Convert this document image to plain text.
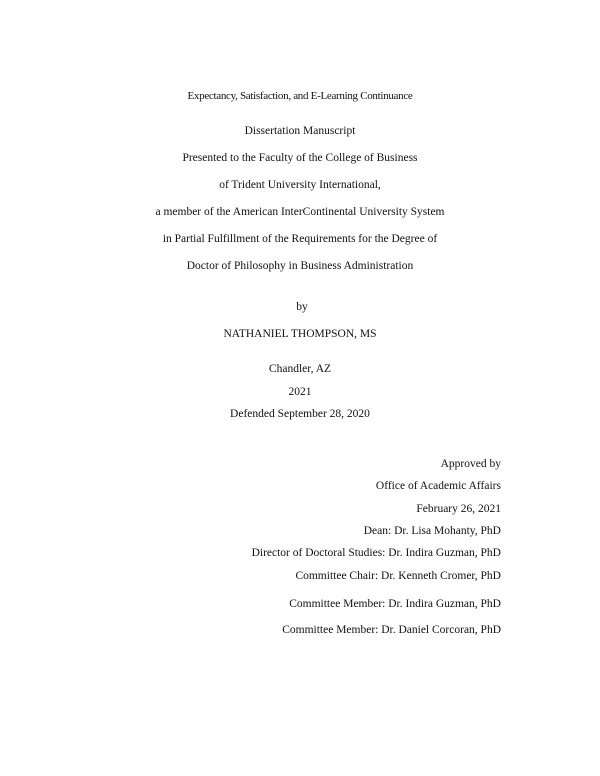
Expectancy, Satisfaction, and E-Learning Continuance
Dissertation Manuscript
Presented to the Faculty of the College of Business
of Trident University International,
a member of the American InterContinental University System
in Partial Fulfillment of the Requirements for the Degree of
Doctor of Philosophy in Business Administration
by
NATHANIEL THOMPSON, MS
Chandler, AZ
2021
Defended September 28, 2020
Approved by
Office of Academic Affairs
February 26, 2021
Dean: Dr. Lisa Mohanty, PhD
Director of Doctoral Studies: Dr. Indira Guzman, PhD
Committee Chair: Dr. Kenneth Cromer, PhD
Committee Member: Dr. Indira Guzman, PhD
Committee Member: Dr. Daniel Corcoran, PhD
